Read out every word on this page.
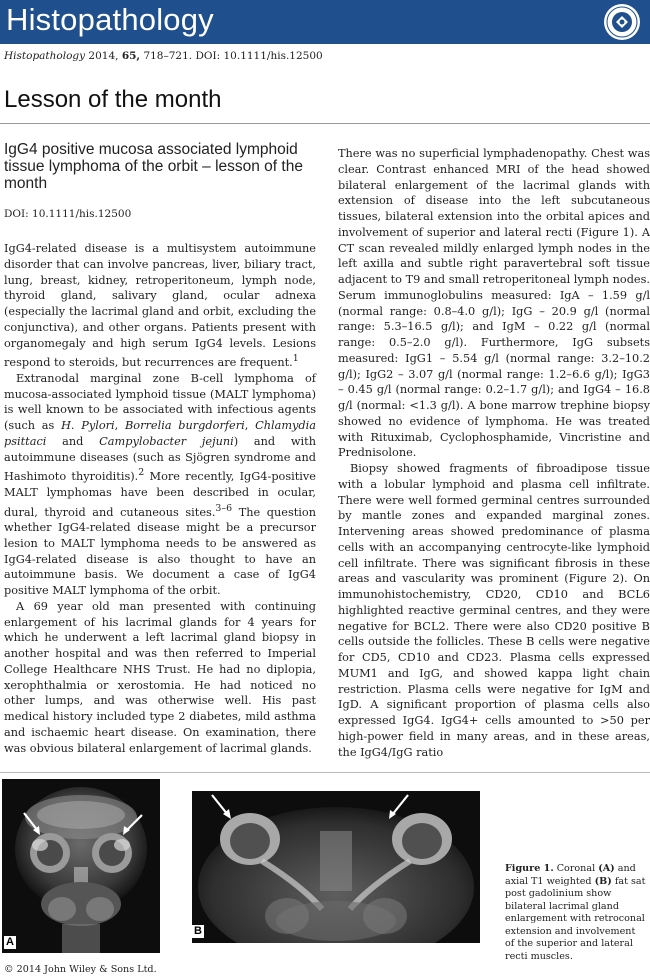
Histopathology
Histopathology 2014, 65, 718–721. DOI: 10.1111/his.12500
Lesson of the month
IgG4 positive mucosa associated lymphoid tissue lymphoma of the orbit – lesson of the month
DOI: 10.1111/his.12500

IgG4-related disease is a multisystem autoimmune disorder that can involve pancreas, liver, biliary tract, lung, breast, kidney, retroperitoneum, lymph node, thyroid gland, salivary gland, ocular adnexa (especially the lacrimal gland and orbit, excluding the conjunctiva), and other organs. Patients present with organomegaly and high serum IgG4 levels. Lesions respond to steroids, but recurrences are frequent.$^1$

Extranodal marginal zone B-cell lymphoma of mucosa-associated lymphoid tissue (MALT lymphoma) is well known to be associated with infectious agents (such as H. Pylori, Borrelia burgdorferi, Chlamydia psittaci and Campylobacter jejuni) and with autoimmune diseases (such as Sjögren syndrome and Hashimoto thyroiditis).$^2$ More recently, IgG4-positive MALT lymphomas have been described in ocular, dural, thyroid and cutaneous sites.$^{3-6}$ The question whether IgG4-related disease might be a precursor lesion to MALT lymphoma needs to be answered as IgG4-related disease is also thought to have an autoimmune basis. We document a case of IgG4 positive MALT lymphoma of the orbit.

A 69 year old man presented with continuing enlargement of his lacrimal glands for 4 years for which he underwent a left lacrimal gland biopsy in another hospital and was then referred to Imperial College Healthcare NHS Trust. He had no diplopia, xerophthalmia or xerostomia. He had noticed no other lumps, and was otherwise well. His past medical history included type 2 diabetes, mild asthma and ischaemic heart disease. On examination, there was obvious bilateral enlargement of lacrimal glands.

There was no superficial lymphadenopathy. Chest was clear. Contrast enhanced MRI of the head showed bilateral enlargement of the lacrimal glands with extension of disease into the left subcutaneous tissues, bilateral extension into the orbital apices and involvement of superior and lateral recti (Figure 1). A CT scan revealed mildly enlarged lymph nodes in the left axilla and subtle right paravertebral soft tissue adjacent to T9 and small retroperitoneal lymph nodes. Serum immunoglobulins measured: IgA – 1.59 g/l (normal range: 0.8–4.0 g/l); IgG – 20.9 g/l (normal range: 5.3–16.5 g/l); and IgM – 0.22 g/l (normal range: 0.5–2.0 g/l). Furthermore, IgG subsets measured: IgG1 – 5.54 g/l (normal range: 3.2–10.2 g/l); IgG2 – 3.07 g/l (normal range: 1.2–6.6 g/l); IgG3 – 0.45 g/l (normal range: 0.2–1.7 g/l); and IgG4 – 16.8 g/l (normal: <1.3 g/l). A bone marrow trephine biopsy showed no evidence of lymphoma. He was treated with Rituximab, Cyclophosphamide, Vincristine and Prednisolone.

Biopsy showed fragments of fibroadipose tissue with a lobular lymphoid and plasma cell infiltrate. There were well formed germinal centres surrounded by mantle zones and expanded marginal zones. Intervening areas showed predominance of plasma cells with an accompanying centrocyte-like lymphoid cell infiltrate. There was significant fibrosis in these areas and vascularity was prominent (Figure 2). On immunohistochemistry, CD20, CD10 and BCL6 highlighted reactive germinal centres, and they were negative for BCL2. There were also CD20 positive B cells outside the follicles. These B cells were negative for CD5, CD10 and CD23. Plasma cells expressed MUM1 and IgG, and showed kappa light chain restriction. Plasma cells were negative for IgM and IgD. A significant proportion of plasma cells also expressed IgG4. IgG4+ cells amounted to >50 per high-power field in many areas, and in these areas, the IgG4/IgG ratio

A
B
Figure 1. Coronal (A) and axial T1 weighted (B) fat sat post gadolinium show bilateral lacrimal gland enlargement with retroconal extension and involvement of the superior and lateral recti muscles.
© 2014 John Wiley & Sons Ltd.
